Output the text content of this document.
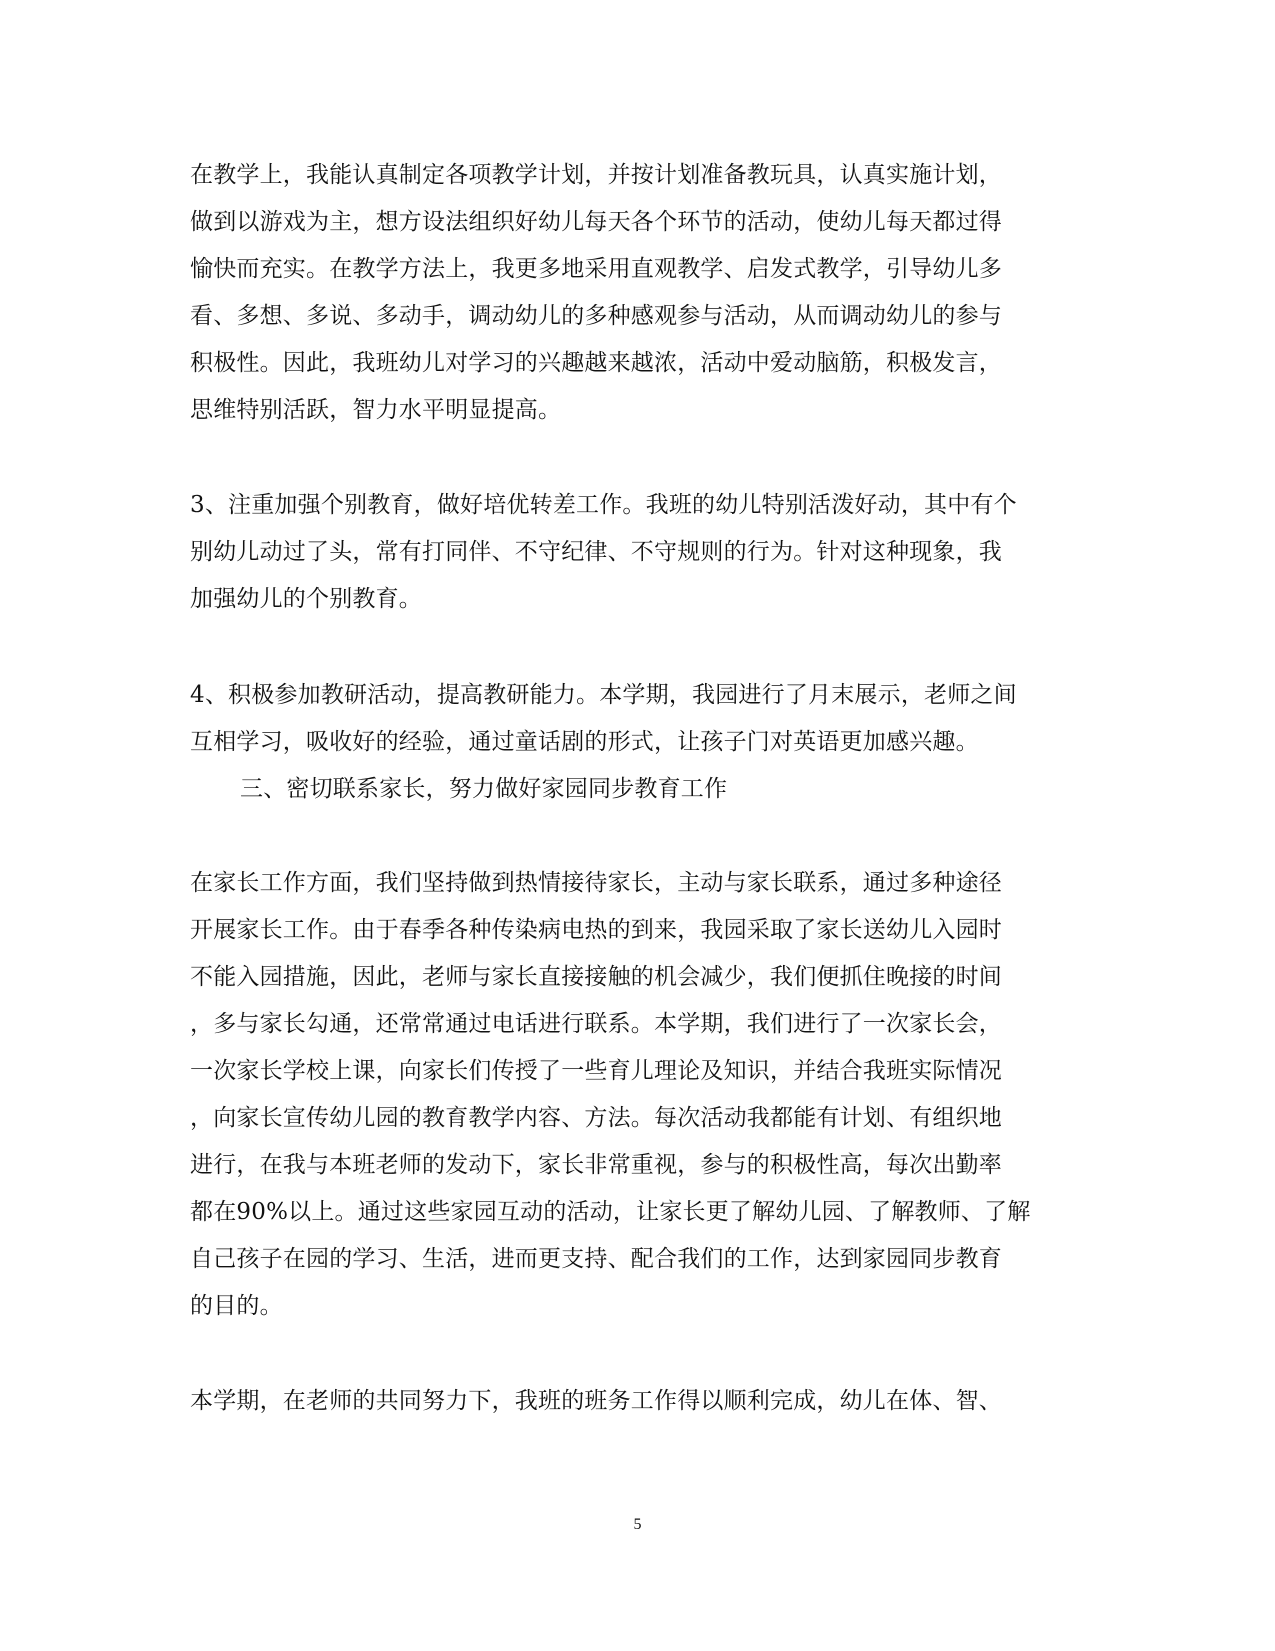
在教学上，我能认真制定各项教学计划，并按计划准备教玩具，认真实施计划，
做到以游戏为主，想方设法组织好幼儿每天各个环节的活动，使幼儿每天都过得
愉快而充实。在教学方法上，我更多地采用直观教学、启发式教学，引导幼儿多
看、多想、多说、多动手，调动幼儿的多种感观参与活动，从而调动幼儿的参与
积极性。因此，我班幼儿对学习的兴趣越来越浓，活动中爱动脑筋，积极发言，
思维特别活跃，智力水平明显提高。
3、注重加强个别教育，做好培优转差工作。我班的幼儿特别活泼好动，其中有个
别幼儿动过了头，常有打同伴、不守纪律、不守规则的行为。针对这种现象，我
加强幼儿的个别教育。
4、积极参加教研活动，提高教研能力。本学期，我园进行了月末展示，老师之间
互相学习，吸收好的经验，通过童话剧的形式，让孩子门对英语更加感兴趣。
三、密切联系家长，努力做好家园同步教育工作
在家长工作方面，我们坚持做到热情接待家长，主动与家长联系，通过多种途径
开展家长工作。由于春季各种传染病电热的到来，我园采取了家长送幼儿入园时
不能入园措施，因此，老师与家长直接接触的机会减少，我们便抓住晚接的时间
，多与家长勾通，还常常通过电话进行联系。本学期，我们进行了一次家长会，
一次家长学校上课，向家长们传授了一些育儿理论及知识，并结合我班实际情况
，向家长宣传幼儿园的教育教学内容、方法。每次活动我都能有计划、有组织地
进行，在我与本班老师的发动下，家长非常重视，参与的积极性高，每次出勤率
都在90%以上。通过这些家园互动的活动，让家长更了解幼儿园、了解教师、了解
自己孩子在园的学习、生活，进而更支持、配合我们的工作，达到家园同步教育
的目的。
本学期，在老师的共同努力下，我班的班务工作得以顺利完成，幼儿在体、智、
5
